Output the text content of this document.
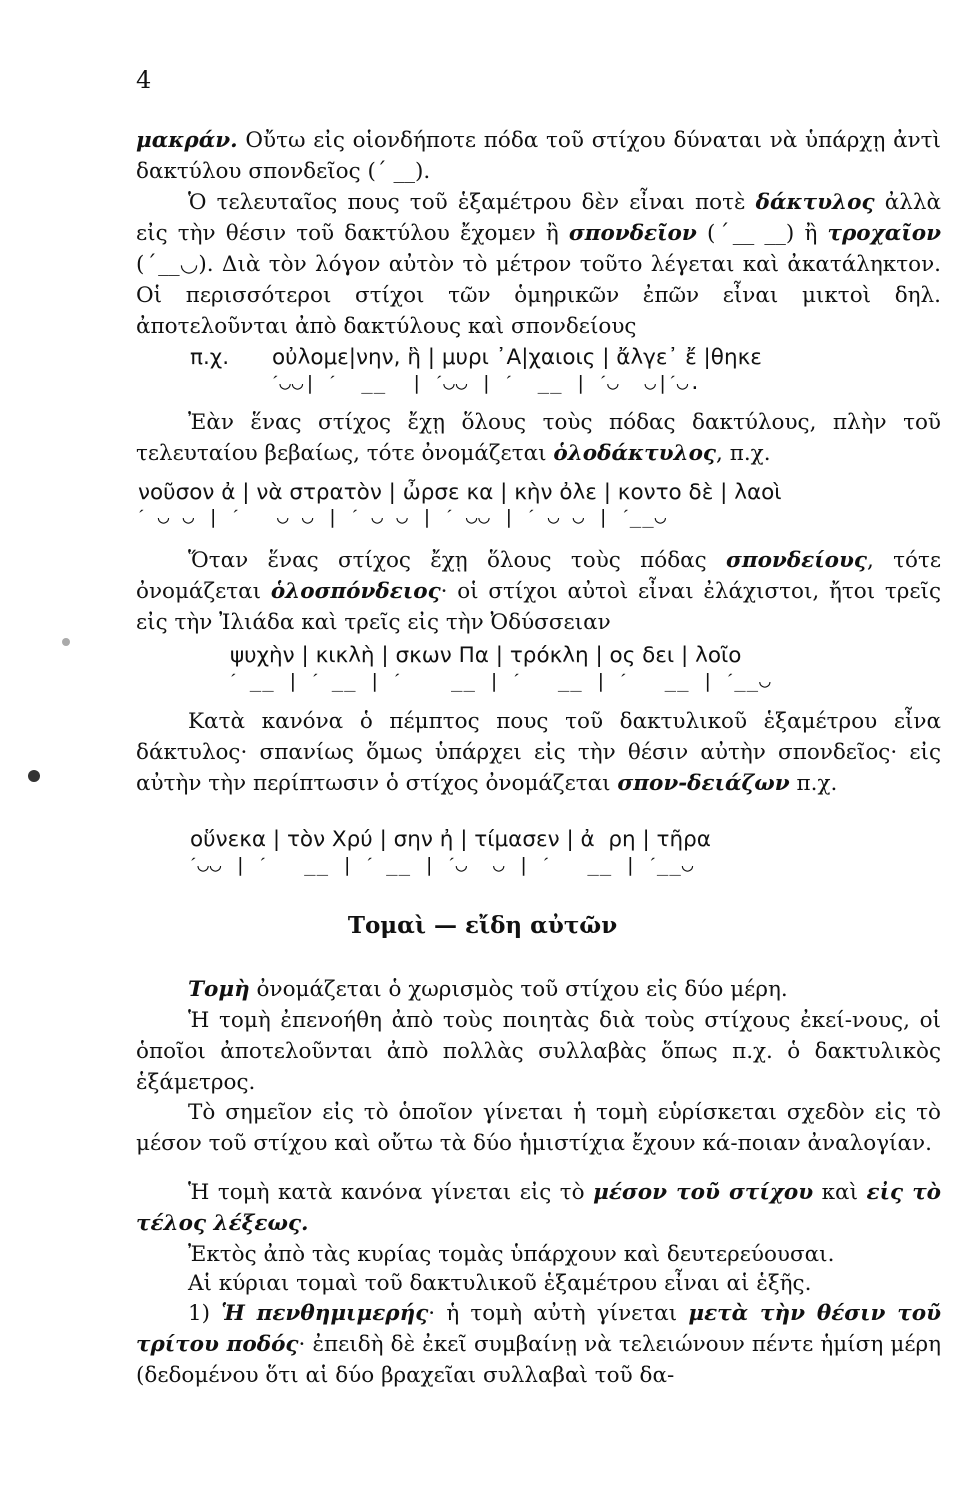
4

μακράν. Οὔτω εἰς οἱονδήποτε πόδα τοῦ στίχου δύναται νὰ ὑπάρχῃ ἀντὶ δακτύλου σπονδεῖος (ˊ __).

Ὁ τελευταῖος πους τοῦ ἑξαμέτρου δὲν εἶναι ποτὲ δάκτυλος ἀλλὰ εἰς τὴν θέσιν τοῦ δακτύλου ἔχομεν ἢ σπονδεῖον (ˊ__ __) ἢ τροχαῖον (ˊ__◡). Διὰ τὸν λόγον αὐτὸν τὸ μέτρον τοῦτο λέγεται καὶ ἀκατάληκτον. Οἱ περισσότεροι στίχοι τῶν ὁμηρικῶν ἐπῶν εἶναι μικτοὶ δηλ. ἀποτελοῦνται ἀπὸ δακτύλους καὶ σπονδείους

π.χ. οὐλομε|νην, ἣ | μυρι ᾿Α|χαιοις | ἄλγε᾿ ἔ |θηκε
ˊ◡◡| ˊ  __  | ˊ◡◡ | ˊ  __ | ˊ◡  ◡|ˊ◡.

Ἐὰν ἕνας στίχος ἔχῃ ὅλους τοὺς πόδας δακτύλους, πλὴν τοῦ τελευταίου βεβαίως, τότε ὀνομάζεται ὁλοδάκτυλος, π.χ.

νοῦσον ἀ | νὰ στρατὸν | ὦρσε κα | κὴν ὀλε | κοντο δὲ | λαοὶ
ˊ ◡ ◡ | ˊ   ◡ ◡ | ˊ ◡ ◡ | ˊ ◡◡ | ˊ ◡ ◡ | ˊ__◡

Ὅταν ἕνας στίχος ἔχῃ ὅλους τοὺς πόδας σπονδείους, τότε ὀνομάζεται ὁλοσπόνδειος· οἱ στίχοι αὐτοὶ εἶναι ἐλάχιστοι, ἤτοι τρεῖς εἰς τὴν Ἰλιάδα καὶ τρεῖς εἰς τὴν Ὀδύσσειαν

ψυχὴν | κικλὴ | σκων Πα | τρόκλη | ος δει | λοῖο
ˊ __ | ˊ __ | ˊ    __ | ˊ   __ | ˊ   __ | ˊ__◡

Κατὰ κανόνα ὁ πέμπτος πους τοῦ δακτυλικοῦ ἑξαμέτρου εἶνα δάκτυλος· σπανίως ὅμως ὑπάρχει εἰς τὴν θέσιν αὐτὴν σπονδεῖος· εἰς αὐτὴν τὴν περίπτωσιν ὁ στίχος ὀνομάζεται σπον-δειάζων π.χ.

οὕνεκα | τὸν Χρύ | σην ἠ | τίμασεν | ἀ  ρη | τῆρα
ˊ◡◡ | ˊ   __ | ˊ __ | ˊ◡  ◡ | ˊ   __ | ˊ__◡
Τομαὶ — εἴδη αὐτῶν

Τομὴ ὀνομάζεται ὁ χωρισμὸς τοῦ στίχου εἰς δύο μέρη.

Ἡ τομὴ ἐπενοήθη ἀπὸ τοὺς ποιητὰς διὰ τοὺς στίχους ἐκεί-νους, οἱ ὁποῖοι ἀποτελοῦνται ἀπὸ πολλὰς συλλαβὰς ὅπως π.χ. ὁ δακτυλικὸς ἑξάμετρος.

Τὸ σημεῖον εἰς τὸ ὁποῖον γίνεται ἡ τομὴ εὑρίσκεται σχεδὸν εἰς τὸ μέσον τοῦ στίχου καὶ οὔτω τὰ δύο ἡμιστίχια ἔχουν κά-ποιαν ἀναλογίαν.

Ἡ τομὴ κατὰ κανόνα γίνεται εἰς τὸ μέσον τοῦ στίχου καὶ εἰς τὸ τέλος λέξεως.

Ἐκτὸς ἀπὸ τὰς κυρίας τομὰς ὑπάρχουν καὶ δευτερεύουσαι.

Αἱ κύριαι τομαὶ τοῦ δακτυλικοῦ ἑξαμέτρου εἶναι αἱ ἑξῆς.

1) Ἡ πενθημιμερής· ἡ τομὴ αὐτὴ γίνεται μετὰ τὴν θέσιν τοῦ τρίτου ποδός· ἐπειδὴ δὲ ἐκεῖ συμβαίνῃ νὰ τελειώνουν πέντε ἡμίση μέρη (δεδομένου ὅτι αἱ δύο βραχεῖαι συλλαβαὶ τοῦ δα-
